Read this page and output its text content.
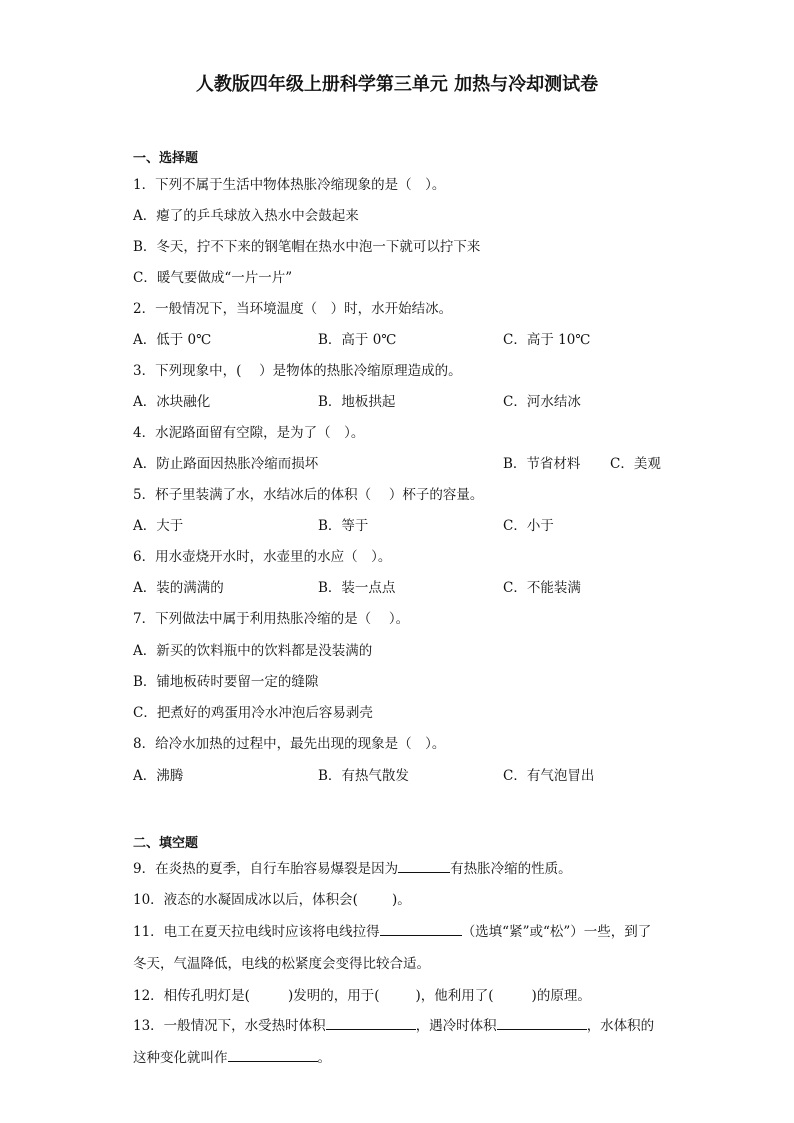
人教版四年级上册科学第三单元 加热与冷却测试卷
一、选择题
1．下列不属于生活中物体热胀冷缩现象的是（　）。
A．瘪了的乒乓球放入热水中会鼓起来
B．冬天，拧不下来的钢笔帽在热水中泡一下就可以拧下来
C．暖气要做成“一片一片”
2．一般情况下，当环境温度（　）时，水开始结冰。
A．低于 0℃	B．高于 0℃	C．高于 10℃
3．下列现象中，(　 ）是物体的热胀冷缩原理造成的。
A．冰块融化	B．地板拱起	C．河水结冰
4．水泥路面留有空隙，是为了（　）。
A．防止路面因热胀冷缩而损坏	B．节省材料 C．美观
5．杯子里装满了水，水结冰后的体积（　 ）杯子的容量。
A．大于	B．等于	C．小于
6．用水壶烧开水时，水壶里的水应（　）。
A．装的满满的	B．装一点点	C．不能装满
7．下列做法中属于利用热胀冷缩的是（　 ）。
A．新买的饮料瓶中的饮料都是没装满的
B．铺地板砖时要留一定的缝隙
C．把煮好的鸡蛋用冷水冲泡后容易剥壳
8．给冷水加热的过程中，最先出现的现象是（　）。
A．沸腾	B．有热气散发	C．有气泡冒出
二、填空题
9．在炎热的夏季，自行车胎容易爆裂是因为	有热胀冷缩的性质。
10．液态的水凝固成冰以后，体积会(	)。
11．电工在夏天拉电线时应该将电线拉得	（选填“紧”或“松”）一些，到了
冬天，气温降低，电线的松紧度会变得比较合适。
12．相传孔明灯是(	)发明的，用于(	)，他利用了(	)的原理。
13．一般情况下，水受热时体积	，遇冷时体积	，水体积的
这种变化就叫作	。
